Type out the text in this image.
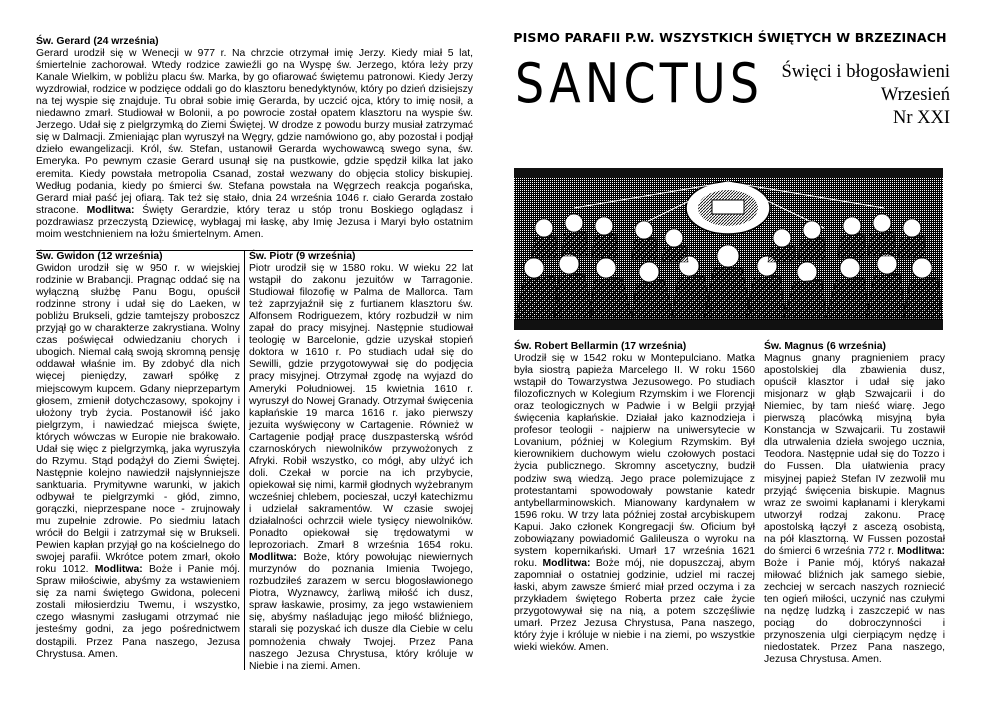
Św. Gerard (24 września)

Gerard urodził się w Wenecji w 977 r. Na chrzcie otrzymał imię Jerzy. Kiedy miał 5 lat, śmiertelnie zachorował. Wtedy rodzice zawieźli go na Wyspę św. Jerzego, która leży przy Kanale Wielkim, w pobliżu placu św. Marka, by go ofiarować świętemu patronowi. Kiedy Jerzy wyzdrowiał, rodzice w podzięce oddali go do klasztoru benedyktynów, który po dzień dzisiejszy na tej wyspie się znajduje. Tu obrał sobie imię Gerarda, by uczcić ojca, który to imię nosił, a niedawno zmarł. Studiował w Bolonii, a po powrocie został opatem klasztoru na wyspie św. Jerzego. Udał się z pielgrzymką do Ziemi Świętej. W drodze z powodu burzy musiał zatrzymać się w Dalmacji. Zmieniając plan wyruszył na Węgry, gdzie namówiono go, aby pozostał i podjął dzieło ewangelizacji. Król, św. Stefan, ustanowił Gerarda wychowawcą swego syna, św. Emeryka. Po pewnym czasie Gerard usunął się na pustkowie, gdzie spędził kilka lat jako eremita. Kiedy powstała metropolia Csanad, został wezwany do objęcia stolicy biskupiej. Według podania, kiedy po śmierci św. Stefana powstała na Węgrzech reakcja pogańska, Gerard miał paść jej ofiarą. Tak też się stało, dnia 24 września 1046 r. ciało Gerarda zostało stracone. Modlitwa: Święty Gerardzie, który teraz u stóp tronu Boskiego oglądasz i pozdrawiasz przeczystą Dziewicę, wybłagaj mi łaskę, aby Imię Jezusa i Maryi było ostatnim moim westchnieniem na łożu śmiertelnym. Amen.

Św. Gwidon (12 września)

Gwidon urodził się w 950 r. w wiejskiej rodzinie w Brabancji. Pragnąc oddać się na wyłączną służbę Panu Bogu, opuścił rodzinne strony i udał się do Laeken, w pobliżu Brukseli, gdzie tamtejszy proboszcz przyjął go w charakterze zakrystiana. Wolny czas poświęcał odwiedzaniu chorych i ubogich. Niemal całą swoją skromną pensję oddawał właśnie im. By zdobyć dla nich więcej pieniędzy, zawarł spółkę z miejscowym kupcem. Gdany nieprzepartym głosem, zmienił dotychczasowy, spokojny i ułożony tryb życia. Postanowił iść jako pielgrzym, i nawiedzać miejsca święte, których wówczas w Europie nie brakowało. Udał się więc z pielgrzymką, jaka wyruszyła do Rzymu. Stąd podążył do Ziemi Świętej. Następnie kolejno nawiedził najsłynniejsze sanktuaria. Prymitywne warunki, w jakich odbywał te pielgrzymki - głód, zimno, gorączki, nieprzespane noce - zrujnowały mu zupełnie zdrowie. Po siedmiu latach wrócił do Belgii i zatrzymał się w Brukseli. Pewien kapłan przyjął go na kościelnego do swojej parafii. Wkrótce potem zmarł, około roku 1012. Modlitwa: Boże i Panie mój. Spraw miłościwie, abyśmy za wstawieniem się za nami świętego Gwidona, poleceni zostali miłosierdziu Twemu, i wszystko, czego własnymi zasługami otrzymać nie jesteśmy godni, za jego pośrednictwem dostąpili. Przez Pana naszego, Jezusa Chrystusa. Amen.

Św. Piotr (9 września)

Piotr urodził się w 1580 roku. W wieku 22 lat wstąpił do zakonu jezuitów w Tarragonie. Studiował filozofię w Palma de Mallorca. Tam też zaprzyjaźnił się z furtianem klasztoru św. Alfonsem Rodriguezem, który rozbudził w nim zapał do pracy misyjnej. Następnie studiował teologię w Barcelonie, gdzie uzyskał stopień doktora w 1610 r. Po studiach udał się do Sewilli, gdzie przygotowywał się do podjęcia pracy misyjnej. Otrzymał zgodę na wyjazd do Ameryki Południowej. 15 kwietnia 1610 r. wyruszył do Nowej Granady. Otrzymał święcenia kapłańskie 19 marca 1616 r. jako pierwszy jezuita wyświęcony w Cartagenie. Również w Cartagenie podjął pracę duszpasterską wśród czarnoskórych niewolników przywożonych z Afryki. Robił wszystko, co mógł, aby ulżyć ich doli. Czekał w porcie na ich przybycie, opiekował się nimi, karmił głodnych wyżebranym wcześniej chlebem, pocieszał, uczył katechizmu i udzielał sakramentów. W czasie swojej działalności ochrzcił wiele tysięcy niewolników. Ponadto opiekował się trędowatymi w leprozoriach. Zmarł 8 września 1654 roku. Modlitwa: Boże, który powołując niewiernych murzynów do poznania Imienia Twojego, rozbudziłeś zarazem w sercu błogosławionego Piotra, Wyznawcy, żarliwą miłość ich dusz, spraw łaskawie, prosimy, za jego wstawieniem się, abyśmy naśladując jego miłość bliźniego, starali się pozyskać ich dusze dla Ciebie w celu pomnożenia chwały Twojej. Przez Pana naszego Jezusa Chrystusa, który króluje w Niebie i na ziemi. Amen.

PISMO PARAFII P.W. WSZYSTKICH ŚWIĘTYCH W BRZEZINACH
SANCTUS Święci i błogosławieni
Wrzesień
Nr XXI

Św. Robert Bellarmin (17 września)

Urodził się w 1542 roku w Montepulciano. Matka była siostrą papieża Marcelego II. W roku 1560 wstąpił do Towarzystwa Jezusowego. Po studiach filozoficznych w Kolegium Rzymskim i we Florencji oraz teologicznych w Padwie i w Belgii przyjął święcenia kapłańskie. Działał jako kaznodzieja i profesor teologii - najpierw na uniwersytecie w Lovanium, później w Kolegium Rzymskim. Był kierownikiem duchowym wielu czołowych postaci życia publicznego. Skromny ascetyczny, budził podziw swą wiedzą. Jego prace polemizujące z protestantami spowodowały powstanie katedr antybellarminowskich. Mianowany kardynałem w 1596 roku. W trzy lata później został arcybiskupem Kapui. Jako członek Kongregacji św. Oficium był zobowiązany powiadomić Galileusza o wyroku na system kopernikański. Umarł 17 września 1621 roku. Modlitwa: Boże mój, nie dopuszczaj, abym zapomniał o ostatniej godzinie, udziel mi raczej łaski, abym zawsze śmierć miał przed oczyma i za przykładem świętego Roberta przez całe życie przygotowywał się na nią, a potem szczęśliwie umarł. Przez Jezusa Chrystusa, Pana naszego, który żyje i króluje w niebie i na ziemi, po wszystkie wieki wieków. Amen.

Św. Magnus (6 września)

Magnus gnany pragnieniem pracy apostolskiej dla zbawienia dusz, opuścił klasztor i udał się jako misjonarz w głąb Szwajcarii i do Niemiec, by tam nieść wiarę. Jego pierwszą placówką misyjną była Konstancja w Szwajcarii. Tu zostawił dla utrwalenia dzieła swojego ucznia, Teodora. Następnie udał się do Tozzo i do Fussen. Dla ułatwienia pracy misyjnej papież Stefan IV zezwolił mu przyjąć święcenia biskupie. Magnus wraz ze swoimi kapłanami i klerykami utworzył rodzaj zakonu. Pracę apostolską łączył z ascezą osobistą, na pół klasztorną. W Fussen pozostał do śmierci 6 września 772 r. Modlitwa: Boże i Panie mój, któryś nakazał miłować bliźnich jak samego siebie, zechciej w sercach naszych rozniecić ten ogień miłości, uczynić nas czułymi na nędzę ludzką i zaszczepić w nas pociąg do dobroczynności i przynoszenia ulgi cierpiącym nędzę i niedostatek. Przez Pana naszego, Jezusa Chrystusa. Amen.
